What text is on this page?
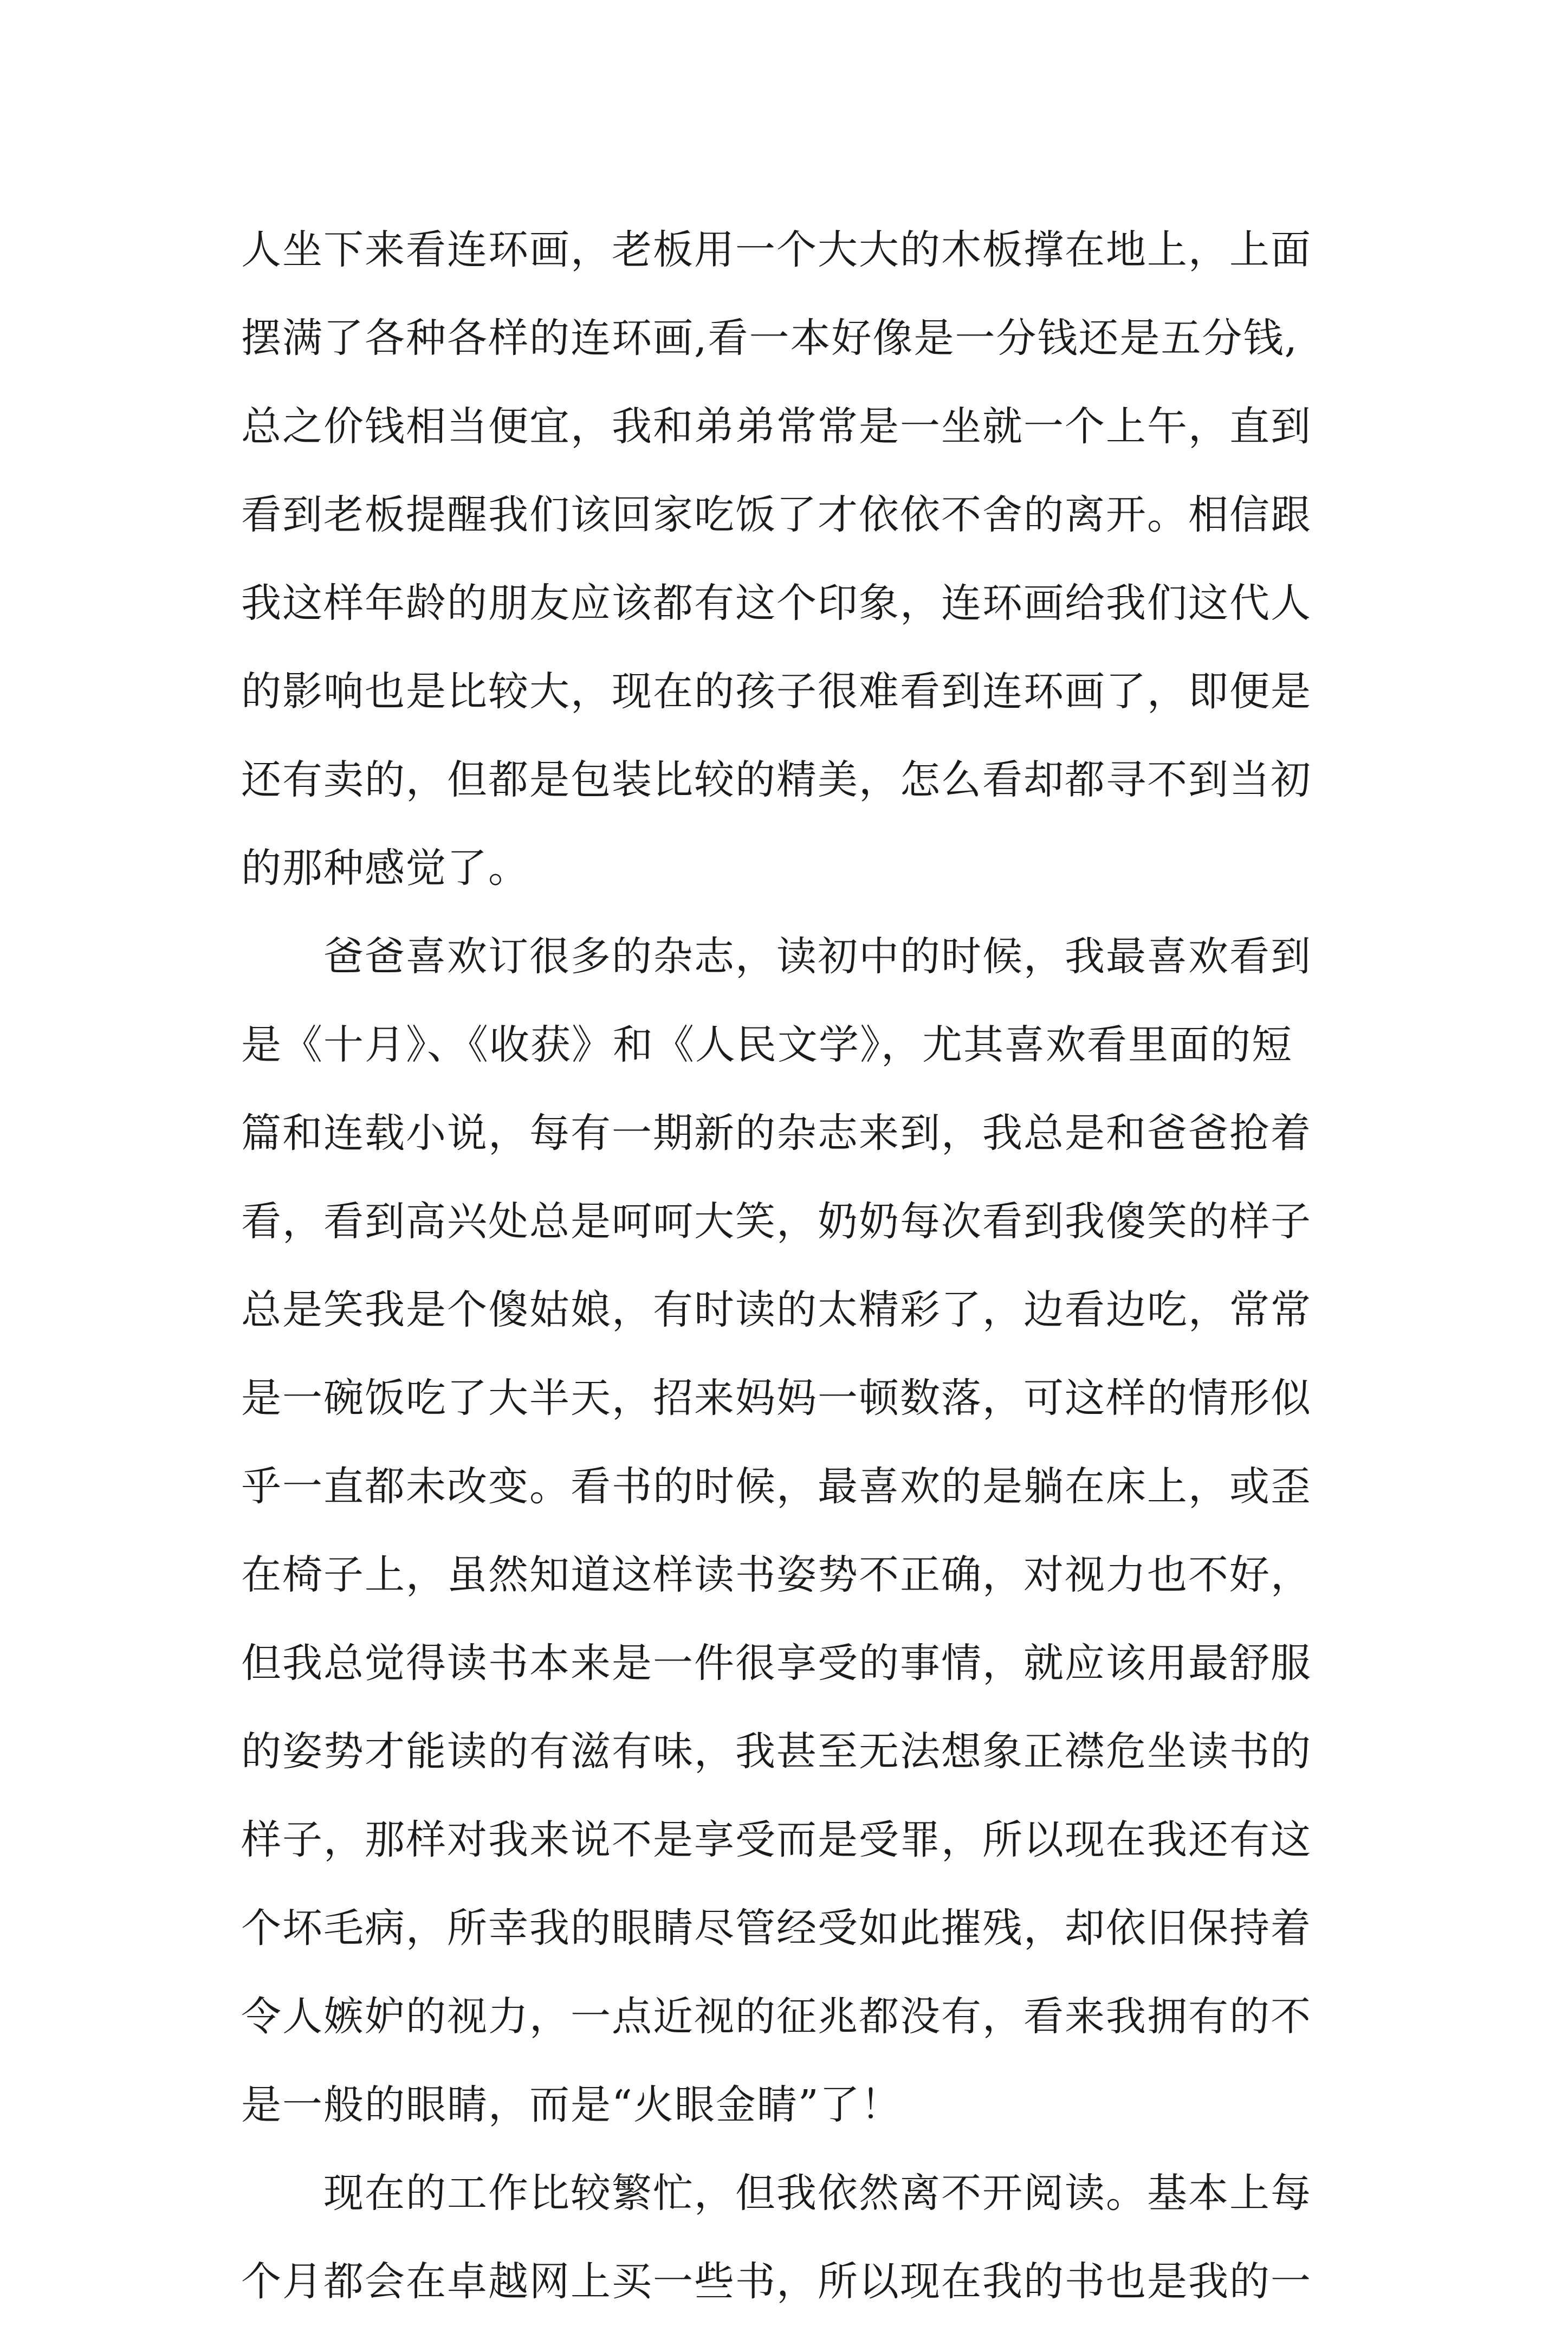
人坐下来看连环画，老板用一个大大的木板撑在地上，上面
摆满了各种各样的连环画,看一本好像是一分钱还是五分钱,
总之价钱相当便宜，我和弟弟常常是一坐就一个上午，直到
看到老板提醒我们该回家吃饭了才依依不舍的离开。相信跟
我这样年龄的朋友应该都有这个印象，连环画给我们这代人
的影响也是比较大，现在的孩子很难看到连环画了，即便是
还有卖的，但都是包装比较的精美，怎么看却都寻不到当初
的那种感觉了。
　　爸爸喜欢订很多的杂志，读初中的时候，我最喜欢看到
是《十月》、《收获》和《人民文学》，尤其喜欢看里面的短
篇和连载小说，每有一期新的杂志来到，我总是和爸爸抢着
看，看到高兴处总是呵呵大笑，奶奶每次看到我傻笑的样子
总是笑我是个傻姑娘，有时读的太精彩了，边看边吃，常常
是一碗饭吃了大半天，招来妈妈一顿数落，可这样的情形似
乎一直都未改变。看书的时候，最喜欢的是躺在床上，或歪
在椅子上，虽然知道这样读书姿势不正确，对视力也不好，
但我总觉得读书本来是一件很享受的事情，就应该用最舒服
的姿势才能读的有滋有味，我甚至无法想象正襟危坐读书的
样子，那样对我来说不是享受而是受罪，所以现在我还有这
个坏毛病，所幸我的眼睛尽管经受如此摧残，却依旧保持着
令人嫉妒的视力，一点近视的征兆都没有，看来我拥有的不
是一般的眼睛，而是“火眼金睛”了！
　　现在的工作比较繁忙，但我依然离不开阅读。基本上每
个月都会在卓越网上买一些书，所以现在我的书也是我的一
